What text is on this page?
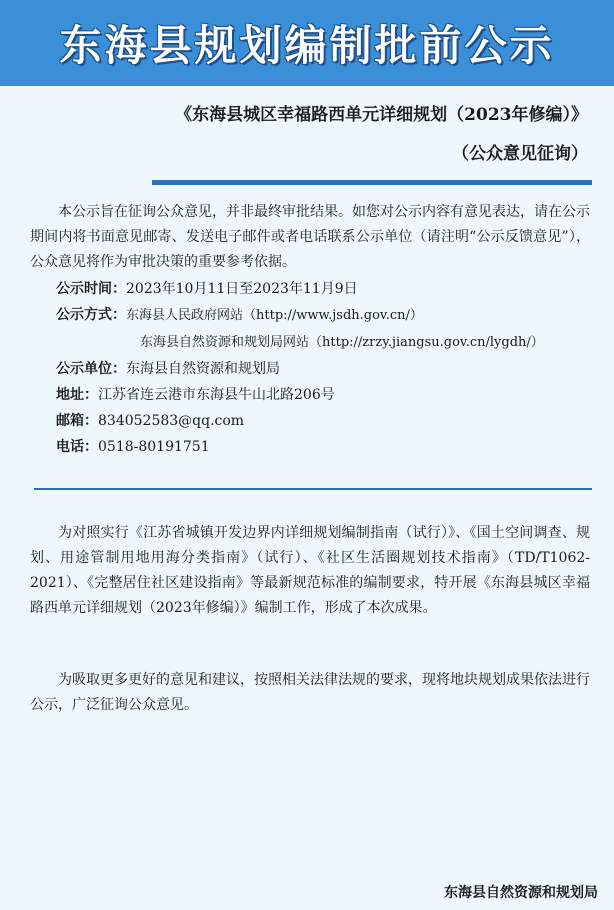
东海县规划编制批前公示
《东海县城区幸福路西单元详细规划（2023年修编）》
（公众意见征询）

本公示旨在征询公众意见，并非最终审批结果。如您对公示内容有意见表达，请在公示期间内将书面意见邮寄、发送电子邮件或者电话联系公示单位（请注明“公示反馈意见”），公众意见将作为审批决策的重要参考依据。

公示时间：2023年10月11日至2023年11月9日
公示方式：东海县人民政府网站（http://www.jsdh.gov.cn/）
东海县自然资源和规划局网站（http://zrzy.jiangsu.gov.cn/lygdh/）
公示单位：东海县自然资源和规划局
地址：江苏省连云港市东海县牛山北路206号
邮箱：834052583@qq.com
电话：0518-80191751

为对照实行《江苏省城镇开发边界内详细规划编制指南（试行）》、《国土空间调查、规划、用途管制用地用海分类指南》（试行）、《社区生活圈规划技术指南》（TD/T1062-2021）、《完整居住社区建设指南》等最新规范标准的编制要求，特开展《东海县城区幸福路西单元详细规划（2023年修编）》编制工作，形成了本次成果。

为吸取更多更好的意见和建议，按照相关法律法规的要求，现将地块规划成果依法进行公示，广泛征询公众意见。

东海县自然资源和规划局
